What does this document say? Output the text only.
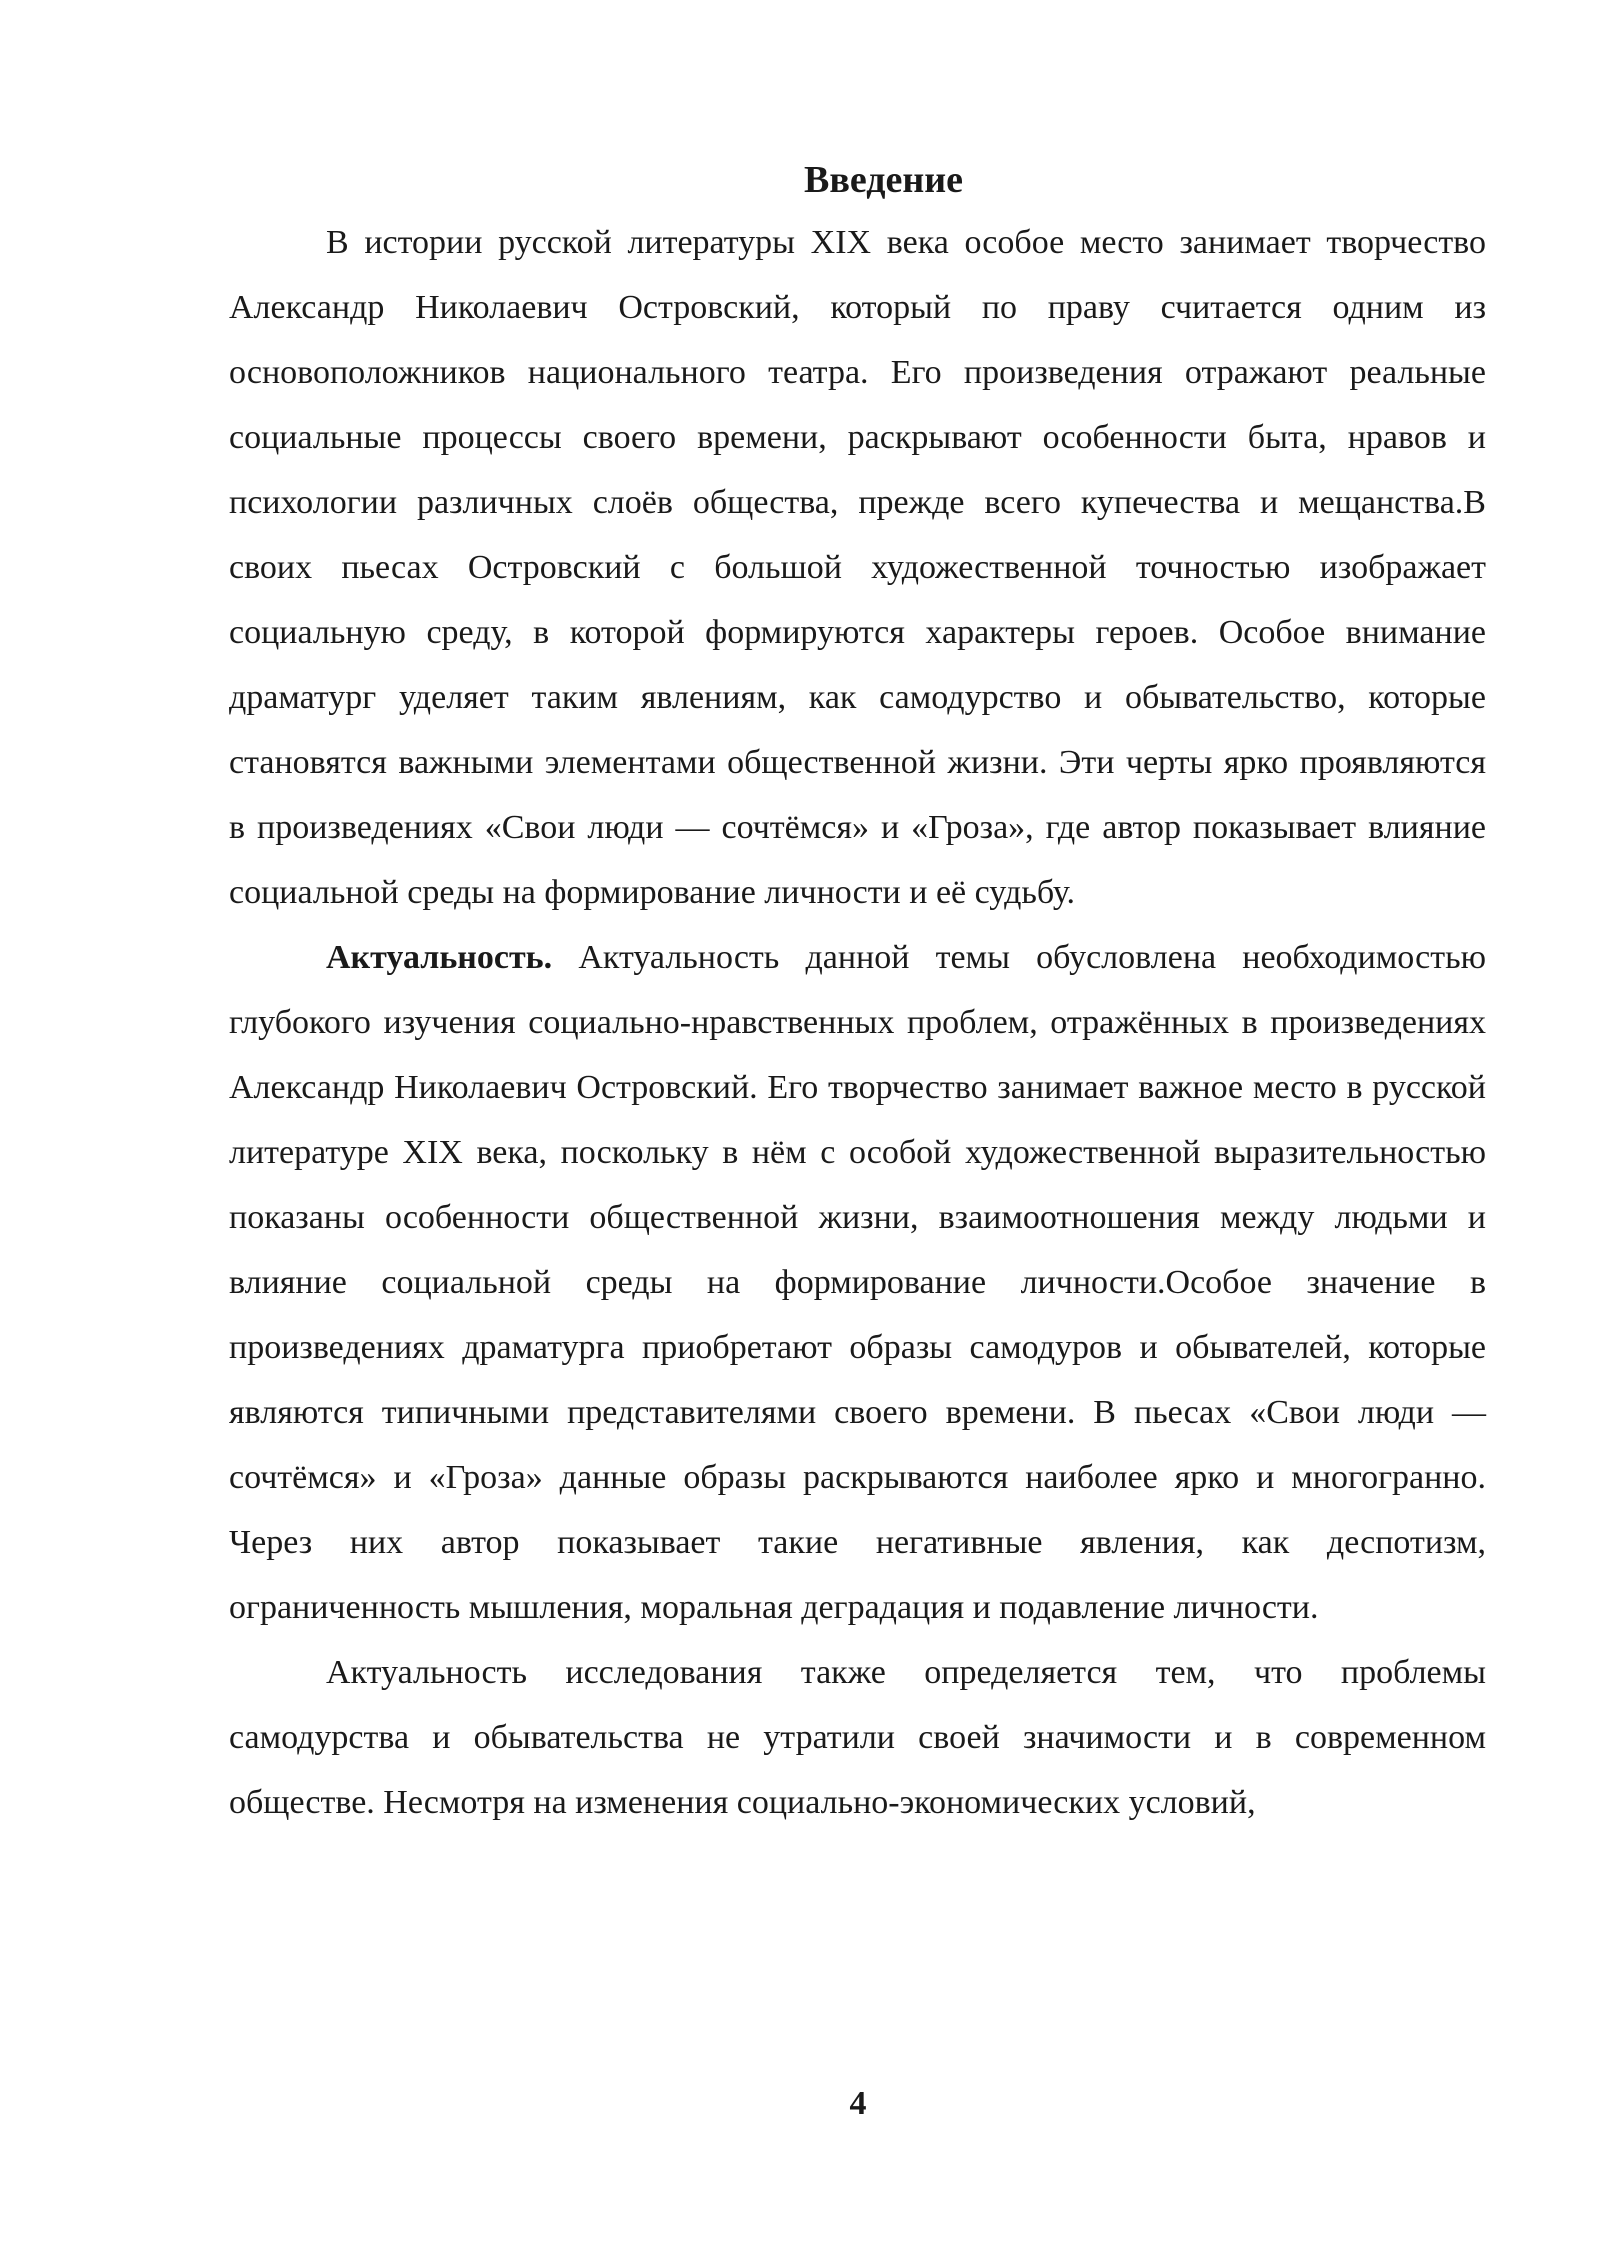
Введение

В истории русской литературы XIX века особое место занимает творчество Александр Николаевич Островский, который по праву считается одним из основоположников национального театра. Его произведения отражают реальные социальные процессы своего времени, раскрывают особенности быта, нравов и психологии различных слоёв общества, прежде всего купечества и мещанства.В своих пьесах Островский с большой художественной точностью изображает социальную среду, в которой формируются характеры героев. Особое внимание драматург уделяет таким явлениям, как самодурство и обывательство, которые становятся важными элементами общественной жизни. Эти черты ярко проявляются в произведениях «Свои люди — сочтёмся» и «Гроза», где автор показывает влияние социальной среды на формирование личности и её судьбу.

Актуальность. Актуальность данной темы обусловлена необходимостью глубокого изучения социально-нравственных проблем, отражённых в произведениях Александр Николаевич Островский. Его творчество занимает важное место в русской литературе XIX века, поскольку в нём с особой художественной выразительностью показаны особенности общественной жизни, взаимоотношения между людьми и влияние социальной среды на формирование личности.Особое значение в произведениях драматурга приобретают образы самодуров и обывателей, которые являются типичными представителями своего времени. В пьесах «Свои люди — сочтёмся» и «Гроза» данные образы раскрываются наиболее ярко и многогранно. Через них автор показывает такие негативные явления, как деспотизм, ограниченность мышления, моральная деградация и подавление личности.

Актуальность исследования также определяется тем, что проблемы самодурства и обывательства не утратили своей значимости и в современном обществе. Несмотря на изменения социально-экономических условий,

4
